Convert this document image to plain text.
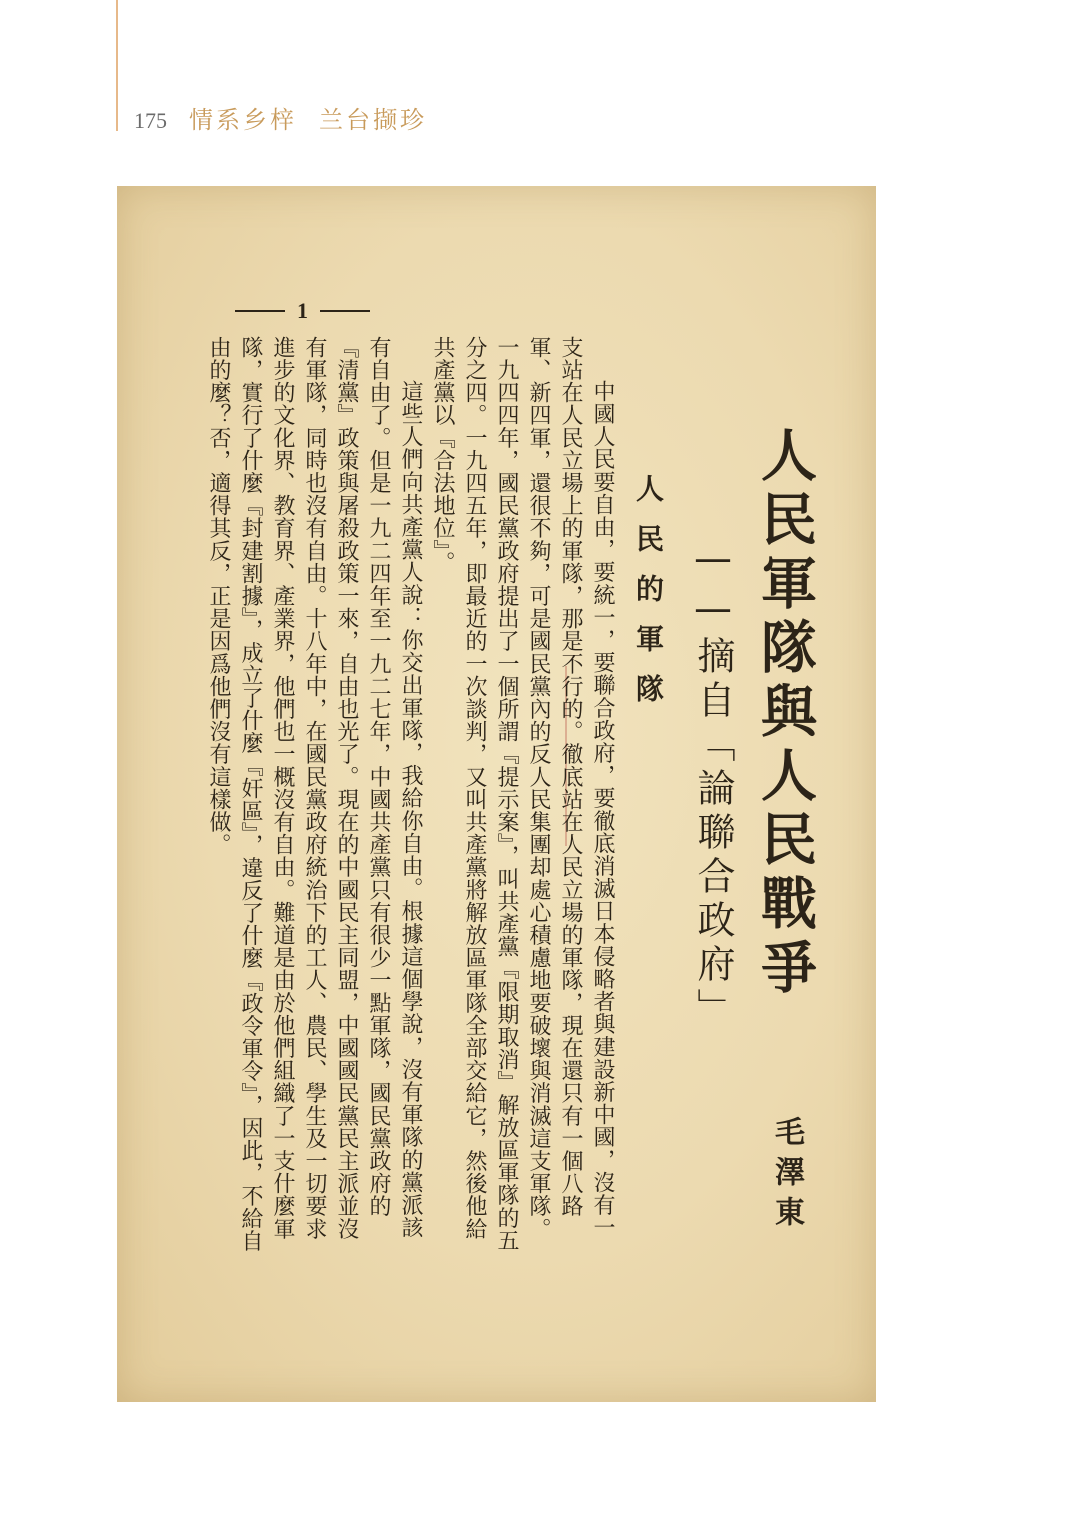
175 情系乡梓 兰台撷珍
人民軍隊與人民戰爭
——摘自「論聯合政府」
毛澤東
人民的軍隊

中國人民要自由，要統一，要聯合政府，要徹底消滅日本侵略者與建設新中國，沒有一支站在人民立場上的軍隊，那是不行的。徹底站在人民立場的軍隊，現在還只有一個八路軍、新四軍，還很不夠，可是國民黨內的反人民集團却處心積慮地要破壞與消滅這支軍隊。一九四四年，國民黨政府提出了一個所謂『提示案』，叫共產黨『限期取消』解放區軍隊的五分之四。一九四五年，即最近的一次談判，又叫共產黨將解放區軍隊全部交給它，然後他給共產黨以『合法地位』。

這些人們向共產黨人說：你交出軍隊，我給你自由。根據這個學說，沒有軍隊的黨派該有自由了。但是一九二四年至一九二七年，中國共產黨只有很少一點軍隊，國民黨政府的『清黨』政策與屠殺政策一來，自由也光了。現在的中國民主同盟，中國國民黨民主派並沒有軍隊，同時也沒有自由。十八年中，在國民黨政府統治下的工人、農民、學生及一切要求進步的文化界、教育界、產業界，他們也一概沒有自由。難道是由於他們組織了一支什麼軍隊，實行了什麼『封建割據』，成立了什麼『奸區』，違反了什麼『政令軍令』，因此，不給自由的麼？否，適得其反，正是因爲他們沒有這樣做。

1
